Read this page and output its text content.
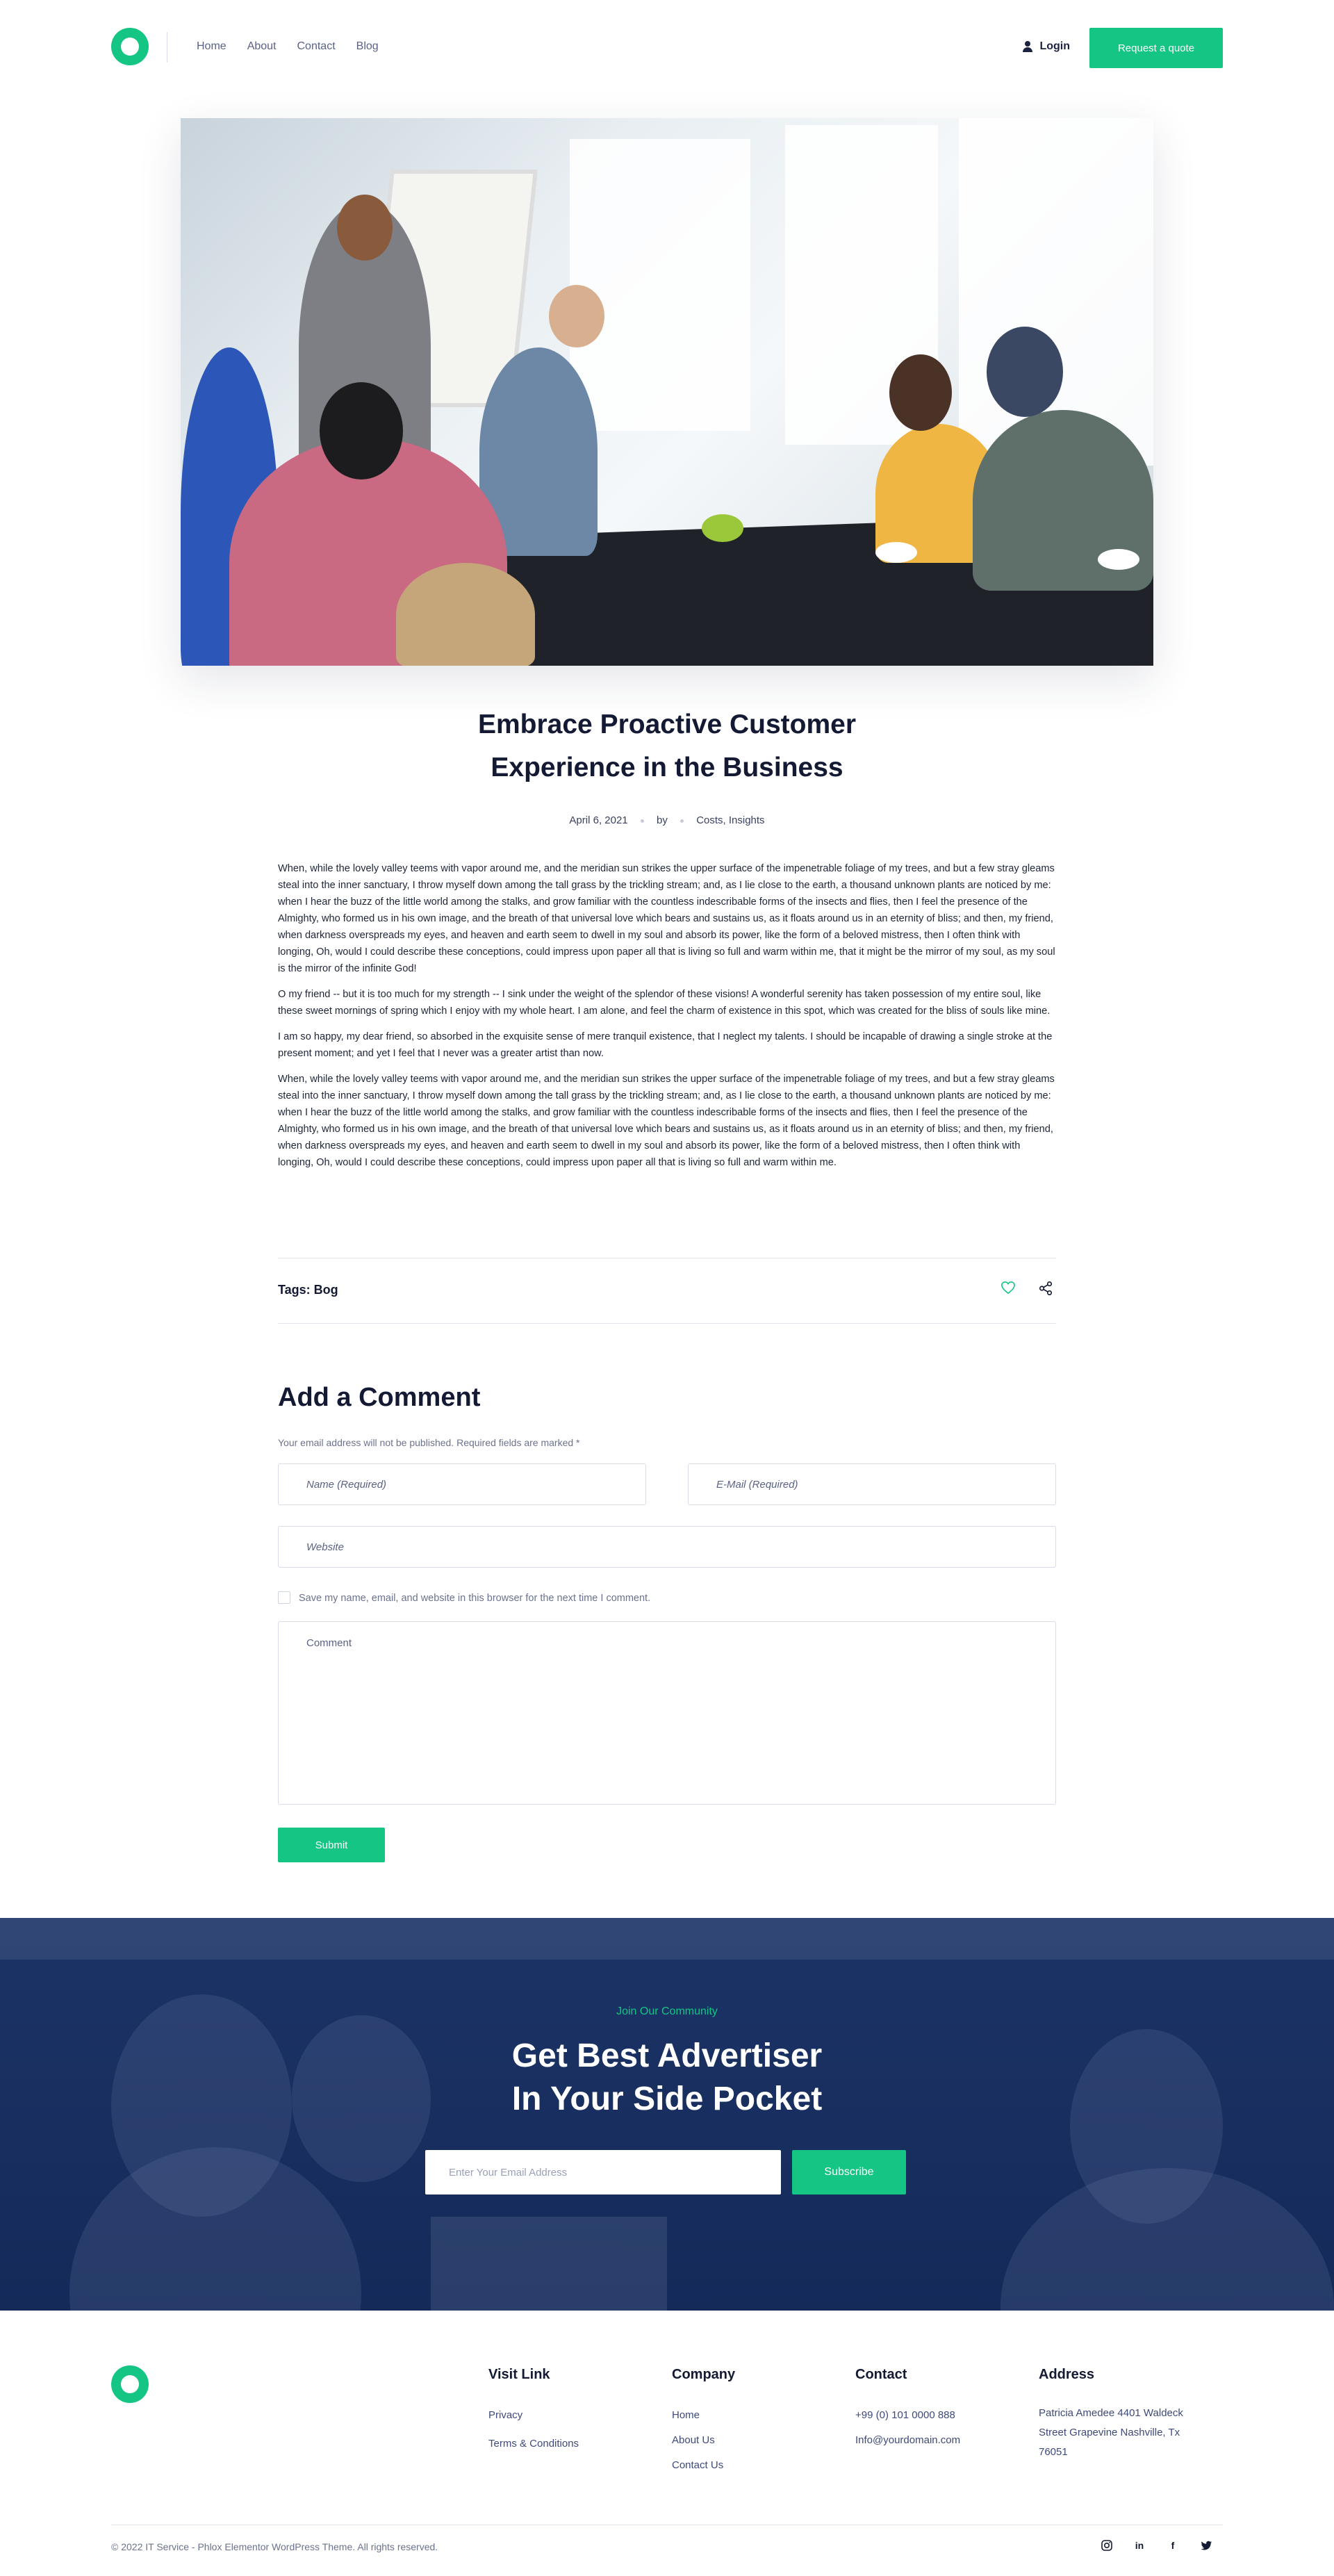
Home About Contact Blog	Login	Request a quote
Embrace Proactive Customer
Experience in the Business
April 6, 2021	by	Costs, Insights

When, while the lovely valley teems with vapor around me, and the meridian sun strikes the upper surface of the impenetrable foliage of my trees, and but a few stray gleams steal into the inner sanctuary, I throw myself down among the tall grass by the trickling stream; and, as I lie close to the earth, a thousand unknown plants are noticed by me: when I hear the buzz of the little world among the stalks, and grow familiar with the countless indescribable forms of the insects and flies, then I feel the presence of the Almighty, who formed us in his own image, and the breath of that universal love which bears and sustains us, as it floats around us in an eternity of bliss; and then, my friend, when darkness overspreads my eyes, and heaven and earth seem to dwell in my soul and absorb its power, like the form of a beloved mistress, then I often think with longing, Oh, would I could describe these conceptions, could impress upon paper all that is living so full and warm within me, that it might be the mirror of my soul, as my soul is the mirror of the infinite God!

O my friend -- but it is too much for my strength -- I sink under the weight of the splendor of these visions! A wonderful serenity has taken possession of my entire soul, like these sweet mornings of spring which I enjoy with my whole heart. I am alone, and feel the charm of existence in this spot, which was created for the bliss of souls like mine.

I am so happy, my dear friend, so absorbed in the exquisite sense of mere tranquil existence, that I neglect my talents. I should be incapable of drawing a single stroke at the present moment; and yet I feel that I never was a greater artist than now.

When, while the lovely valley teems with vapor around me, and the meridian sun strikes the upper surface of the impenetrable foliage of my trees, and but a few stray gleams steal into the inner sanctuary, I throw myself down among the tall grass by the trickling stream; and, as I lie close to the earth, a thousand unknown plants are noticed by me: when I hear the buzz of the little world among the stalks, and grow familiar with the countless indescribable forms of the insects and flies, then I feel the presence of the Almighty, who formed us in his own image, and the breath of that universal love which bears and sustains us, as it floats around us in an eternity of bliss; and then, my friend, when darkness overspreads my eyes, and heaven and earth seem to dwell in my soul and absorb its power, like the form of a beloved mistress, then I often think with longing, Oh, would I could describe these conceptions, could impress upon paper all that is living so full and warm within me.

Tags: Bog
Add a Comment
Your email address will not be published. Required fields are marked *
Name (Required)	E-Mail (Required)
Website
Save my name, email, and website in this browser for the next time I comment.
Comment
Submit
Join Our Community
Get Best Advertiser
In Your Side Pocket
Enter Your Email Address	Subscribe
Visit Link
Privacy
Terms & Conditions
Company
Home
About Us
Contact Us
Contact
+99 (0) 101 0000 888
Info@yourdomain.com
Address
Patricia Amedee 4401 Waldeck Street Grapevine Nashville, Tx 76051
© 2022 IT Service - Phlox Elementor WordPress Theme. All rights reserved.	in	f
